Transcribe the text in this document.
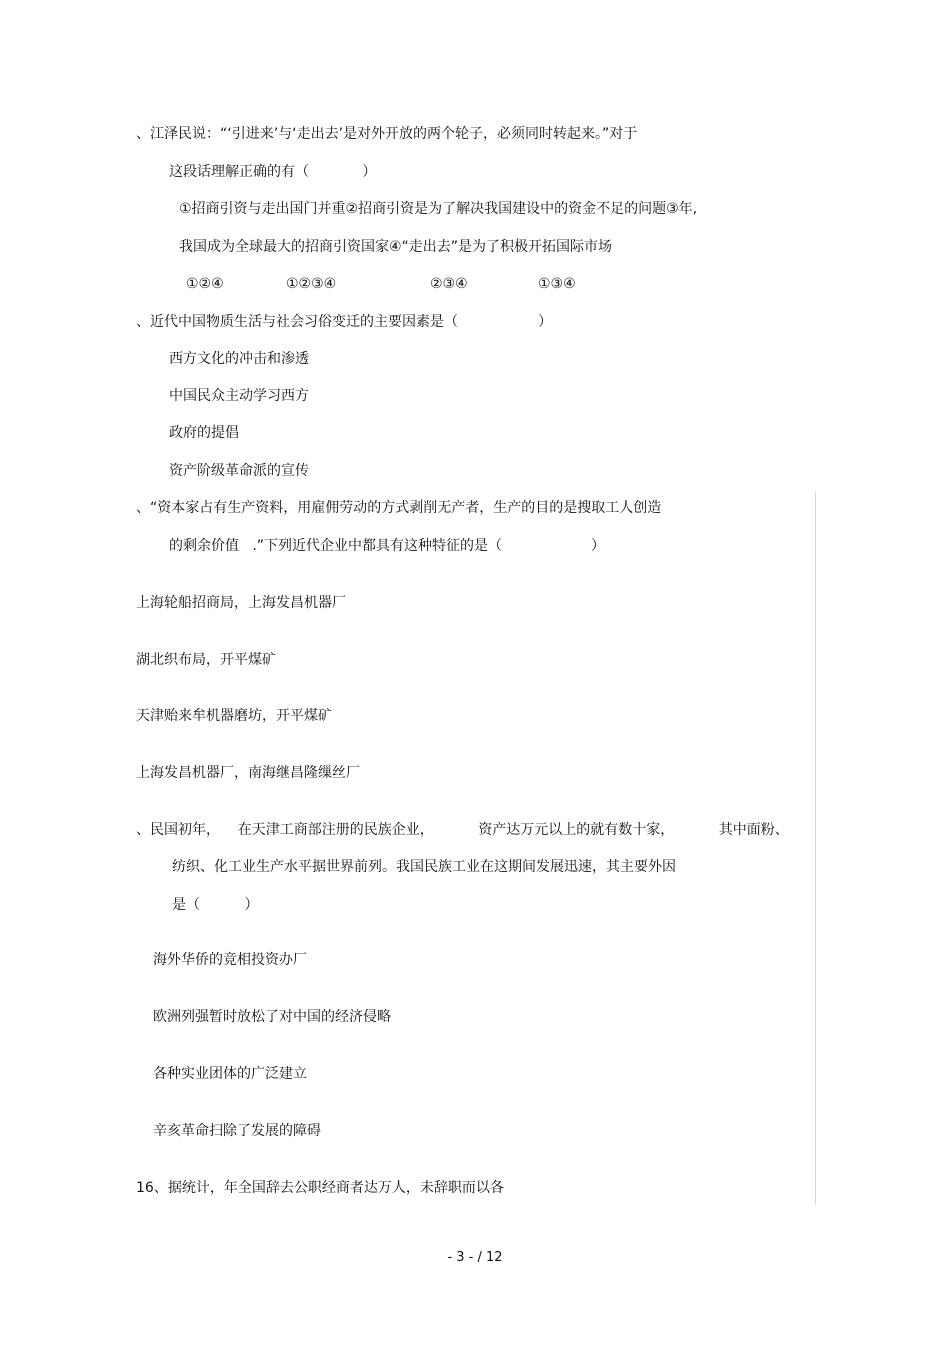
、江泽民说：“‘引进来’与‘走出去’是对外开放的两个轮子，必须同时转起来。”对于
这段话理解正确的有（            ）
①招商引资与走出国门并重②招商引资是为了解决我国建设中的资金不足的问题③年,
我国成为全球最大的招商引资国家④“走出去”是为了积极开拓国际市场
①②④	①②③④	②③④	①③④
、近代中国物质生活与社会习俗变迁的主要因素是（                  ）
西方文化的冲击和渗透
中国民众主动学习西方
政府的提倡
资产阶级革命派的宣传
、“资本家占有生产资料，用雇佣劳动的方式剥削无产者，生产的目的是搜取工人创造
的剩余价值   .”下列近代企业中都具有这种特征的是（                    ）
上海轮船招商局，上海发昌机器厂
湖北织布局，开平煤矿
天津贻来牟机器磨坊，开平煤矿
上海发昌机器厂，南海继昌隆缫丝厂
、民国初年，    在天津工商部注册的民族企业，          资产达万元以上的就有数十家，          其中面粉、
纺织、化工业生产水平据世界前列。我国民族工业在这期间发展迅速，其主要外因
是（          ）
海外华侨的竞相投资办厂
欧洲列强暂时放松了对中国的经济侵略
各种实业团体的广泛建立
辛亥革命扫除了发展的障碍
16、据统计，年全国辞去公职经商者达万人，未辞职而以各
- 3 - / 12
